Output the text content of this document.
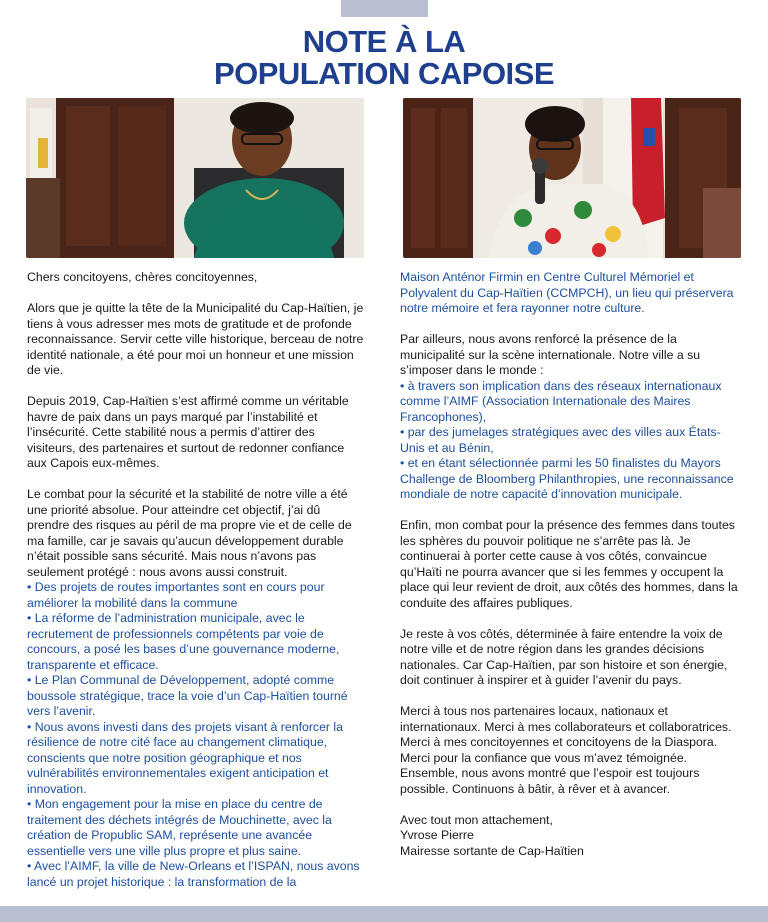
NOTE À LA
POPULATION CAPOISE

Chers concitoyens, chères concitoyennes,

Alors que je quitte la tête de la Municipalité du Cap-Haïtien, je tiens à vous adresser mes mots de gratitude et de profonde reconnaissance. Servir cette ville historique, berceau de notre identité nationale, a été pour moi un honneur et une mission de vie.

Depuis 2019, Cap-Haïtien s’est affirmé comme un véritable havre de paix dans un pays marqué par l’instabilité et l’insécurité. Cette stabilité nous a permis d’attirer des visiteurs, des partenaires et surtout de redonner confiance aux Capois eux-mêmes.

Le combat pour la sécurité et la stabilité de notre ville a été une priorité absolue. Pour atteindre cet objectif, j’ai dû prendre des risques au péril de ma propre vie et de celle de ma famille, car je savais qu’aucun développement durable n’était possible sans sécurité. Mais nous n’avons pas seulement protégé : nous avons aussi construit.

• Des projets de routes importantes sont en cours pour améliorer la mobilité dans la commune

• La réforme de l’administration municipale, avec le recrutement de professionnels compétents par voie de concours, a posé les bases d’une gouvernance moderne, transparente et efficace.

• Le Plan Communal de Développement, adopté comme boussole stratégique, trace la voie d’un Cap-Haïtien tourné vers l’avenir.

• Nous avons investi dans des projets visant à renforcer la résilience de notre cité face au changement climatique, conscients que notre position géographique et nos vulnérabilités environnementales exigent anticipation et innovation.

• Mon engagement pour la mise en place du centre de traitement des déchets intégrés de Mouchinette, avec la création de Propublic SAM, représente une avancée essentielle vers une ville plus propre et plus saine.

• Avec l’AIMF, la ville de New-Orleans et l’ISPAN, nous avons lancé un projet historique : la transformation de la

Maison Anténor Firmin en Centre Culturel Mémoriel et Polyvalent du Cap-Haïtien (CCMPCH), un lieu qui préservera notre mémoire et fera rayonner notre culture.

Par ailleurs, nous avons renforcé la présence de la municipalité sur la scène internationale. Notre ville a su s’imposer dans le monde :

• à travers son implication dans des réseaux internationaux comme l’AIMF (Association Internationale des Maires Francophones),

• par des jumelages stratégiques avec des villes aux États-Unis et au Bénin,

• et en étant sélectionnée parmi les 50 finalistes du Mayors Challenge de Bloomberg Philanthropies, une reconnaissance mondiale de notre capacité d’innovation municipale.

Enfin, mon combat pour la présence des femmes dans toutes les sphères du pouvoir politique ne s’arrête pas là. Je continuerai à porter cette cause à vos côtés, convaincue qu’Haïti ne pourra avancer que si les femmes y occupent la place qui leur revient de droit, aux côtés des hommes, dans la conduite des affaires publiques.

Je reste à vos côtés, déterminée à faire entendre la voix de notre ville et de notre région dans les grandes décisions nationales. Car Cap-Haïtien, par son histoire et son énergie, doit continuer à inspirer et à guider l’avenir du pays.

Merci à tous nos partenaires locaux, nationaux et internationaux. Merci à mes collaborateurs et collaboratrices. Merci à mes concitoyennes et concitoyens de la Diaspora. Merci pour la confiance que vous m’avez témoignée. Ensemble, nous avons montré que l’espoir est toujours possible. Continuons à bâtir, à rêver et à avancer.

Avec tout mon attachement,

Yvrose Pierre

Mairesse sortante de Cap-Haïtien
